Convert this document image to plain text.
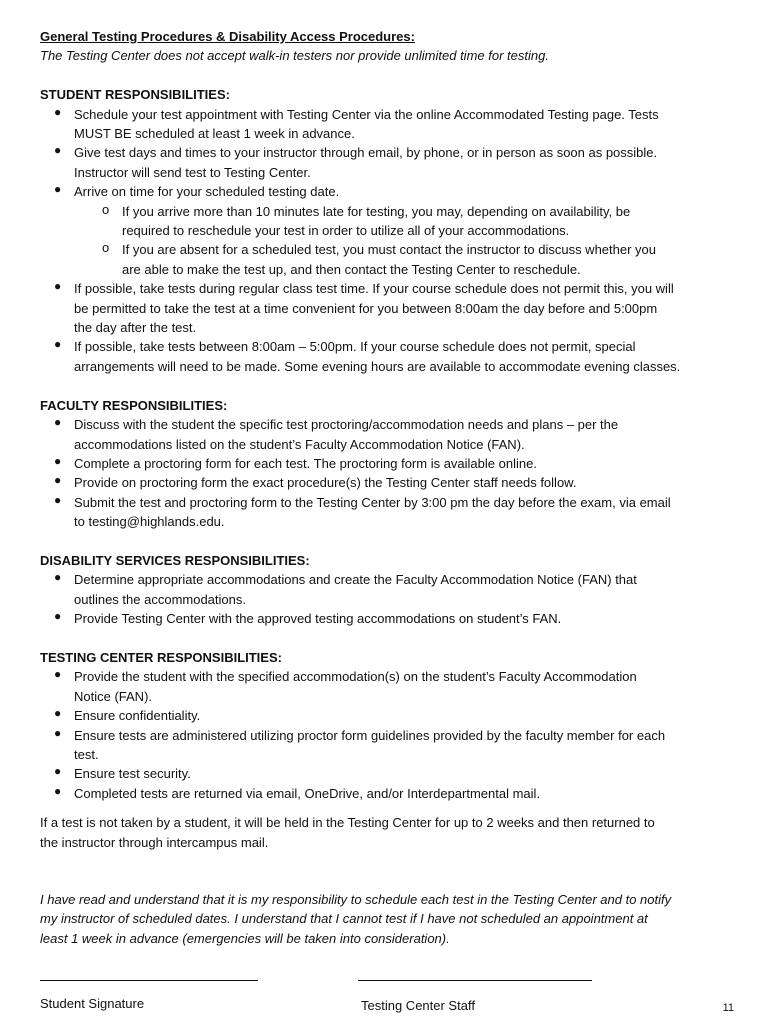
General Testing Procedures & Disability Access Procedures:
The Testing Center does not accept walk-in testers nor provide unlimited time for testing.
STUDENT RESPONSIBILITIES:
● Schedule your test appointment with Testing Center via the online Accommodated Testing page. Tests
MUST BE scheduled at least 1 week in advance.
● Give test days and times to your instructor through email, by phone, or in person as soon as possible.
Instructor will send test to Testing Center.
● Arrive on time for your scheduled testing date.
o If you arrive more than 10 minutes late for testing, you may, depending on availability, be
required to reschedule your test in order to utilize all of your accommodations.
o If you are absent for a scheduled test, you must contact the instructor to discuss whether you
are able to make the test up, and then contact the Testing Center to reschedule.
● If possible, take tests during regular class test time. If your course schedule does not permit this, you will
be permitted to take the test at a time convenient for you between 8:00am the day before and 5:00pm
the day after the test.
● If possible, take tests between 8:00am – 5:00pm. If your course schedule does not permit, special
arrangements will need to be made. Some evening hours are available to accommodate evening classes.
FACULTY RESPONSIBILITIES:
● Discuss with the student the specific test proctoring/accommodation needs and plans – per the
accommodations listed on the student’s Faculty Accommodation Notice (FAN).
● Complete a proctoring form for each test. The proctoring form is available online.
● Provide on proctoring form the exact procedure(s) the Testing Center staff needs follow.
● Submit the test and proctoring form to the Testing Center by 3:00 pm the day before the exam, via email
to testing@highlands.edu.
DISABILITY SERVICES RESPONSIBILITIES:
● Determine appropriate accommodations and create the Faculty Accommodation Notice (FAN) that
outlines the accommodations.
● Provide Testing Center with the approved testing accommodations on student’s FAN.
TESTING CENTER RESPONSIBILITIES:
● Provide the student with the specified accommodation(s) on the student’s Faculty Accommodation
Notice (FAN).
● Ensure confidentiality.
● Ensure tests are administered utilizing proctor form guidelines provided by the faculty member for each
test.
● Ensure test security.
● Completed tests are returned via email, OneDrive, and/or Interdepartmental mail.
If a test is not taken by a student, it will be held in the Testing Center for up to 2 weeks and then returned to
the instructor through intercampus mail.
I have read and understand that it is my responsibility to schedule each test in the Testing Center and to notify
my instructor of scheduled dates. I understand that I cannot test if I have not scheduled an appointment at
least 1 week in advance (emergencies will be taken into consideration).
Student Signature	Testing Center Staff	11
